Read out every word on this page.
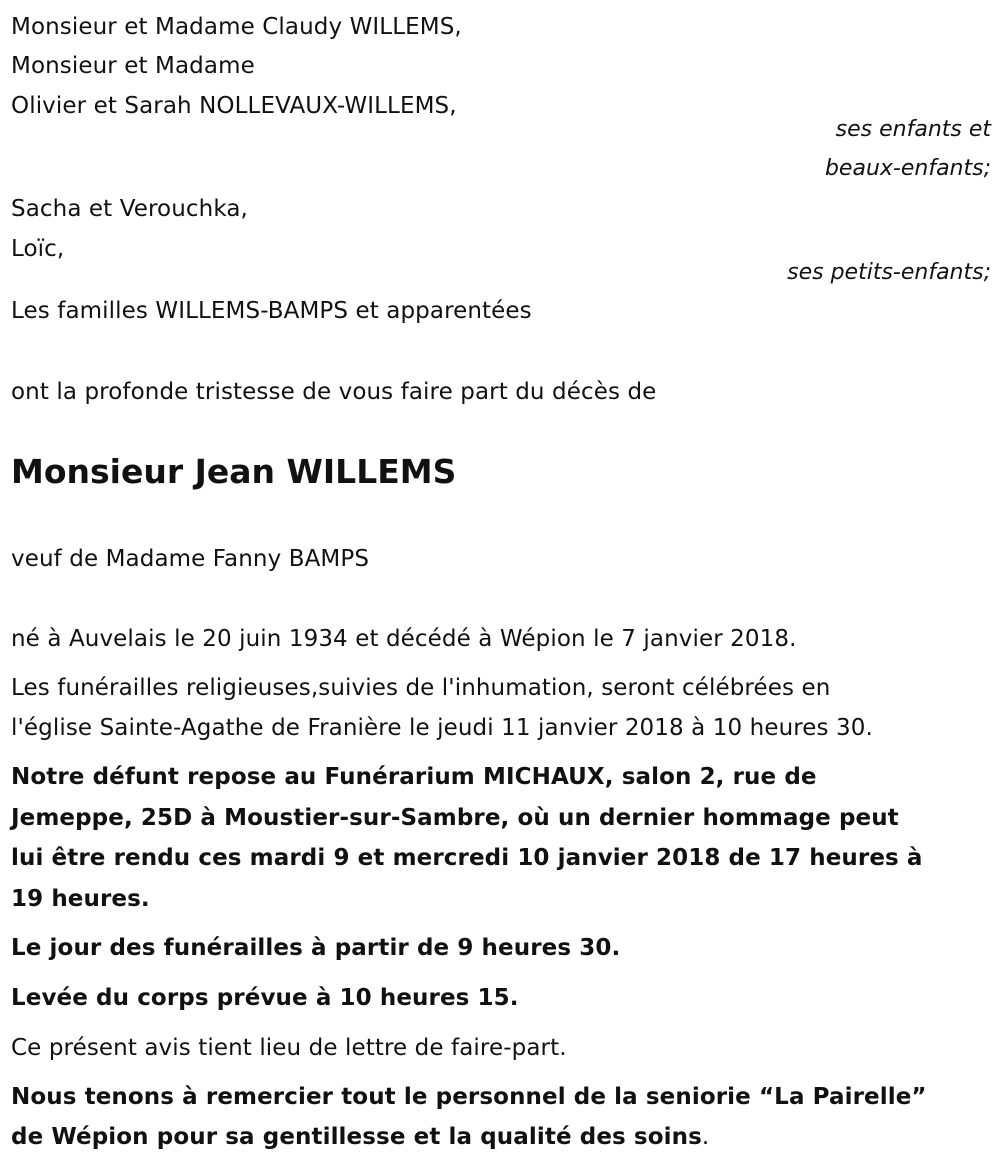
Monsieur et Madame Claudy WILLEMS,
Monsieur et Madame
Olivier et Sarah NOLLEVAUX-WILLEMS,
ses enfants et
beaux-enfants;
Sacha et Verouchka,
Loïc,
ses petits-enfants;
Les familles WILLEMS-BAMPS et apparentées
ont la profonde tristesse de vous faire part du décès de
Monsieur Jean WILLEMS
veuf de Madame Fanny BAMPS
né à Auvelais le 20 juin 1934 et décédé à Wépion le 7 janvier 2018.
Les funérailles religieuses,suivies de l'inhumation, seront célébrées en
l'église Sainte-Agathe de Franière le jeudi 11 janvier 2018 à 10 heures 30.
Notre défunt repose au Funérarium MICHAUX, salon 2, rue de
Jemeppe, 25D à Moustier-sur-Sambre, où un dernier hommage peut
lui être rendu ces mardi 9 et mercredi 10 janvier 2018 de 17 heures à
19 heures.
Le jour des funérailles à partir de 9 heures 30.
Levée du corps prévue à 10 heures 15.
Ce présent avis tient lieu de lettre de faire-part.
Nous tenons à remercier tout le personnel de la seniorie “La Pairelle”
de Wépion pour sa gentillesse et la qualité des soins.
